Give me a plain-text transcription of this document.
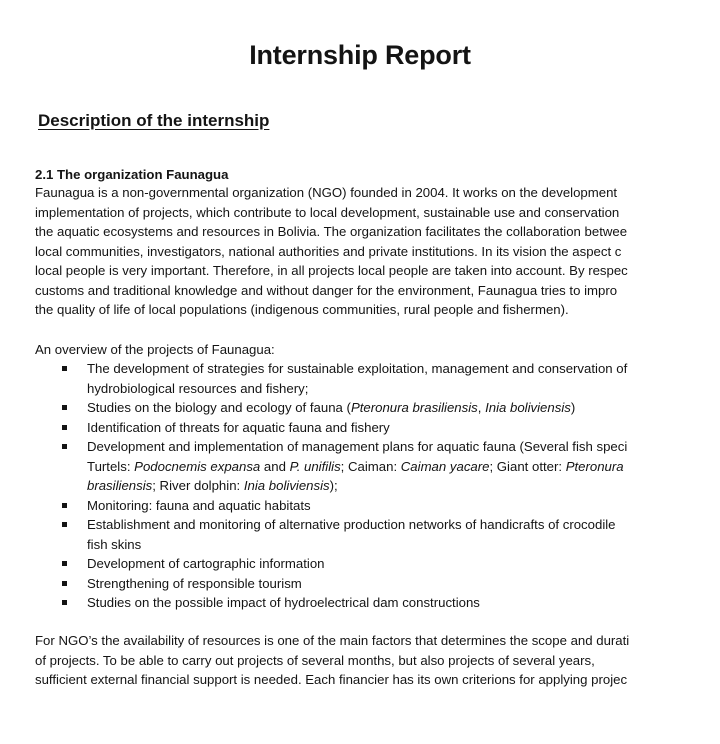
Internship Report
Description of the internship
2.1 The organization Faunagua
Faunagua is a non-governmental organization (NGO) founded in 2004. It works on the development
implementation of projects, which contribute to local development, sustainable use and conservation
the aquatic ecosystems and resources in Bolivia. The organization facilitates the collaboration betwee
local communities, investigators, national authorities and private institutions. In its vision the aspect c
local people is very important. Therefore, in all projects local people are taken into account. By respec
customs and traditional knowledge and without danger for the environment, Faunagua tries to impro
the quality of life of local populations (indigenous communities, rural people and fishermen).
An overview of the projects of Faunagua:
The development of strategies for sustainable exploitation, management and conservation of
hydrobiological resources and fishery;
Studies on the biology and ecology of fauna (Pteronura brasiliensis, Inia boliviensis)
Identification of threats for aquatic fauna and fishery
Development and implementation of management plans for aquatic fauna (Several fish speci
Turtels: Podocnemis expansa and P. unifilis; Caiman: Caiman yacare; Giant otter: Pteronura
brasiliensis; River dolphin: Inia boliviensis);
Monitoring: fauna and aquatic habitats
Establishment and monitoring of alternative production networks of handicrafts of crocodile
fish skins
Development of cartographic information
Strengthening of responsible tourism
Studies on the possible impact of hydroelectrical dam constructions
For NGO’s the availability of resources is one of the main factors that determines the scope and durati
of projects. To be able to carry out projects of several months, but also projects of several years,
sufficient external financial support is needed. Each financier has its own criterions for applying projec
